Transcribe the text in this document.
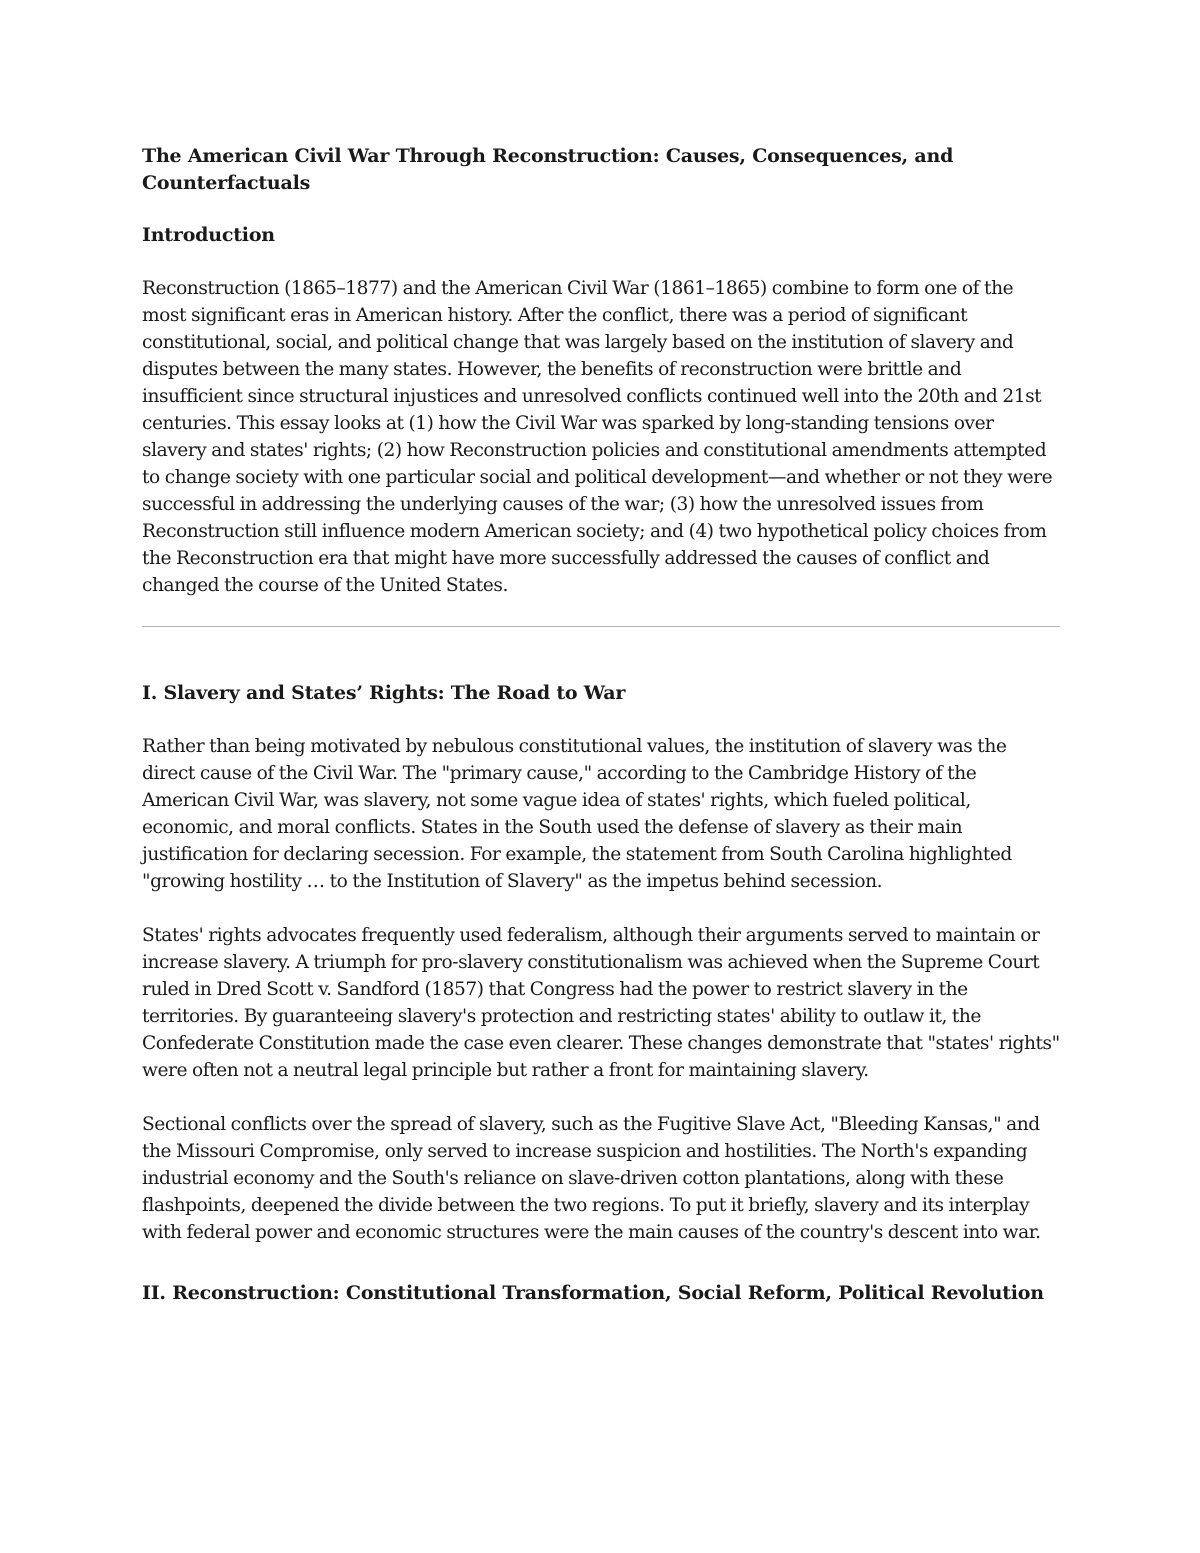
The American Civil War Through Reconstruction: Causes, Consequences, and Counterfactuals
Introduction
Reconstruction (1865–1877) and the American Civil War (1861–1865) combine to form one of the most significant eras in American history. After the conflict, there was a period of significant constitutional, social, and political change that was largely based on the institution of slavery and disputes between the many states. However, the benefits of reconstruction were brittle and insufficient since structural injustices and unresolved conflicts continued well into the 20th and 21st centuries. This essay looks at (1) how the Civil War was sparked by long-standing tensions over slavery and states' rights; (2) how Reconstruction policies and constitutional amendments attempted to change society with one particular social and political development—and whether or not they were successful in addressing the underlying causes of the war; (3) how the unresolved issues from Reconstruction still influence modern American society; and (4) two hypothetical policy choices from the Reconstruction era that might have more successfully addressed the causes of conflict and changed the course of the United States.
I. Slavery and States’ Rights: The Road to War
Rather than being motivated by nebulous constitutional values, the institution of slavery was the direct cause of the Civil War. The "primary cause," according to the Cambridge History of the American Civil War, was slavery, not some vague idea of states' rights, which fueled political, economic, and moral conflicts. States in the South used the defense of slavery as their main justification for declaring secession. For example, the statement from South Carolina highlighted "growing hostility … to the Institution of Slavery" as the impetus behind secession.
States' rights advocates frequently used federalism, although their arguments served to maintain or increase slavery. A triumph for pro-slavery constitutionalism was achieved when the Supreme Court ruled in Dred Scott v. Sandford (1857) that Congress had the power to restrict slavery in the territories. By guaranteeing slavery's protection and restricting states' ability to outlaw it, the Confederate Constitution made the case even clearer. These changes demonstrate that "states' rights" were often not a neutral legal principle but rather a front for maintaining slavery.
Sectional conflicts over the spread of slavery, such as the Fugitive Slave Act, "Bleeding Kansas," and the Missouri Compromise, only served to increase suspicion and hostilities. The North's expanding industrial economy and the South's reliance on slave-driven cotton plantations, along with these flashpoints, deepened the divide between the two regions. To put it briefly, slavery and its interplay with federal power and economic structures were the main causes of the country's descent into war.
II. Reconstruction: Constitutional Transformation, Social Reform, Political Revolution
